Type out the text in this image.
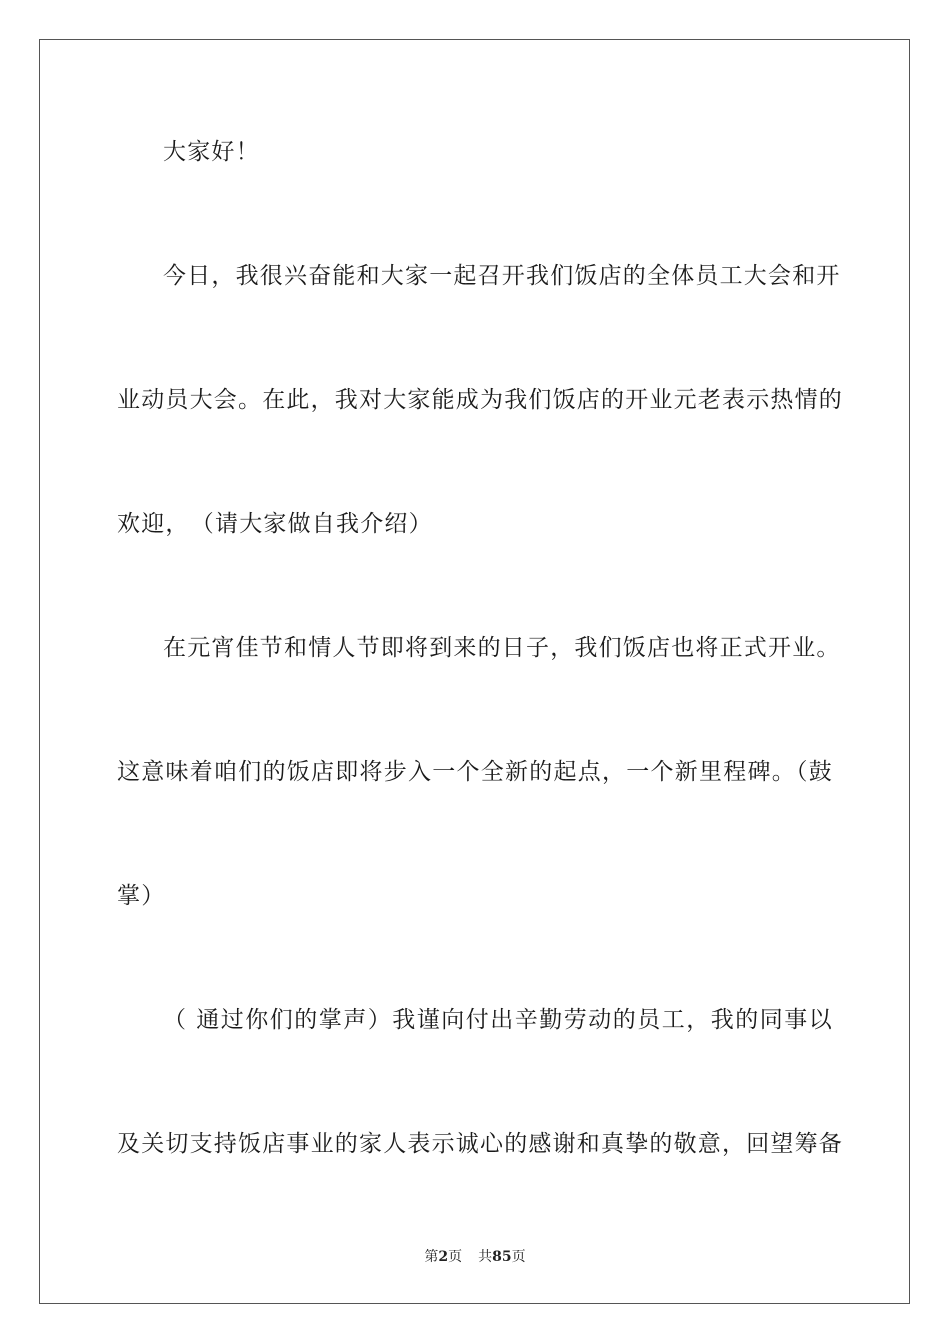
大家好！
今日，我很兴奋能和大家一起召开我们饭店的全体员工大会和开
业动员大会。在此，我对大家能成为我们饭店的开业元老表示热情的
欢迎，　（请大家做自我介绍）
在元宵佳节和情人节即将到来的日子，我们饭店也将正式开业。
这意味着咱们的饭店即将步入一个全新的起点，一个新里程碑。（鼓
掌）
（ 通过你们的掌声）我谨向付出辛勤劳动的员工，我的同事以
及关切支持饭店事业的家人表示诚心的感谢和真挚的敬意，回望筹备
第2页 共85页
